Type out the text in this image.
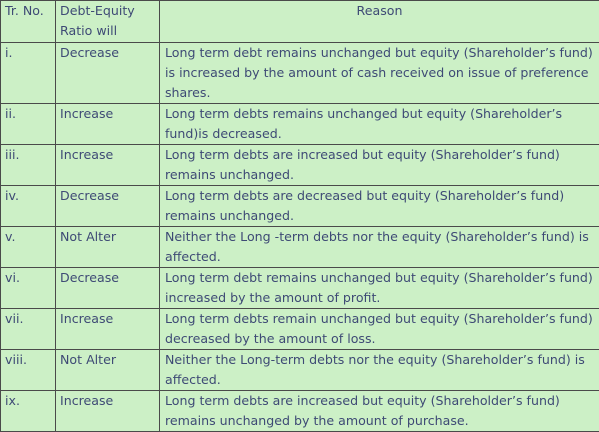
Tr. No.	Debt-Equity Ratio will	Reason
i.	Decrease	Long term debt remains unchanged but equity (Shareholder’s fund) is increased by the amount of cash received on issue of preference shares.
ii.	Increase	Long term debts remains unchanged but equity (Shareholder’s fund)is decreased.
iii.	Increase	Long term debts are increased but equity (Shareholder’s fund) remains unchanged.
iv.	Decrease	Long term debts are decreased but equity (Shareholder’s fund) remains unchanged.
v.	Not Alter	Neither the Long -term debts nor the equity (Shareholder’s fund) is affected.
vi.	Decrease	Long term debt remains unchanged but equity (Shareholder’s fund) increased by the amount of profit.
vii.	Increase	Long term debts remain unchanged but equity (Shareholder’s fund) decreased by the amount of loss.
viii.	Not Alter	Neither the Long-term debts nor the equity (Shareholder’s fund) is affected.
ix.	Increase	Long term debts are increased but equity (Shareholder’s fund) remains unchanged by the amount of purchase.
